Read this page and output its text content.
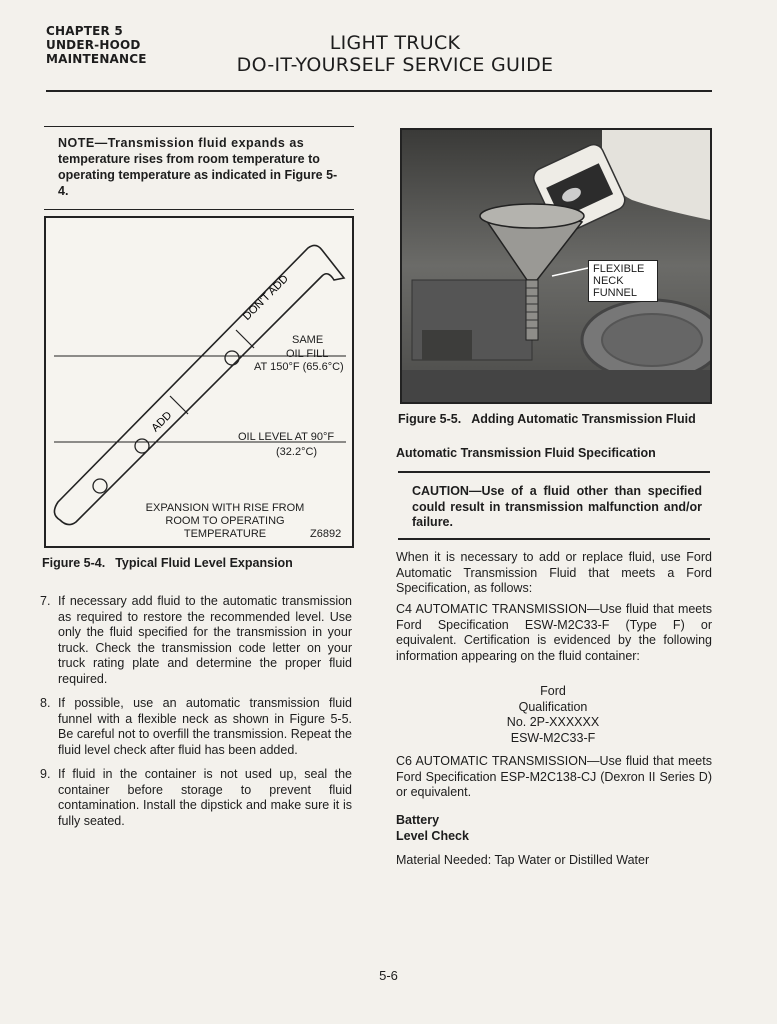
CHAPTER 5
UNDER-HOOD
MAINTENANCE
LIGHT TRUCK
DO-IT-YOURSELF SERVICE GUIDE
NOTE—Transmission fluid expands as
temperature rises from room temperature to operating temperature as indicated in Figure 5-4.
DON'T ADD
ADD
SAME
OIL FILL
AT 150°F (65.6°C)
OIL LEVEL AT 90°F
(32.2°C)
EXPANSION WITH RISE FROM
ROOM TO OPERATING
TEMPERATURE	Z6892
Figure 5-4. Typical Fluid Level Expansion
7. If necessary add fluid to the automatic transmission as required to restore the recommended level. Use only the fluid specified for the transmission in your truck. Check the transmission code letter on your truck rating plate and determine the proper fluid required.
8. If possible, use an automatic transmission fluid funnel with a flexible neck as shown in Figure 5-5. Be careful not to overfill the transmission. Repeat the fluid level check after fluid has been added.
9. If fluid in the container is not used up, seal the container before storage to prevent fluid contamination. Install the dipstick and make sure it is fully seated.
FLEXIBLE
NECK
FUNNEL
Figure 5-5. Adding Automatic Transmission Fluid
Automatic Transmission Fluid Specification
CAUTION—Use of a fluid other than specified could result in transmission malfunction and/or failure.
When it is necessary to add or replace fluid, use Ford Automatic Transmission Fluid that meets a Ford Specification, as follows:
C4 AUTOMATIC TRANSMISSION—Use fluid that meets Ford Specification ESW-M2C33-F (Type F) or equivalent. Certification is evidenced by the following information appearing on the fluid container:
Ford
Qualification
No. 2P-XXXXXX
ESW-M2C33-F
C6 AUTOMATIC TRANSMISSION—Use fluid that meets Ford Specification ESP-M2C138-CJ (Dexron II Series D) or equivalent.
Battery
Level Check
Material Needed: Tap Water or Distilled Water
5-6
